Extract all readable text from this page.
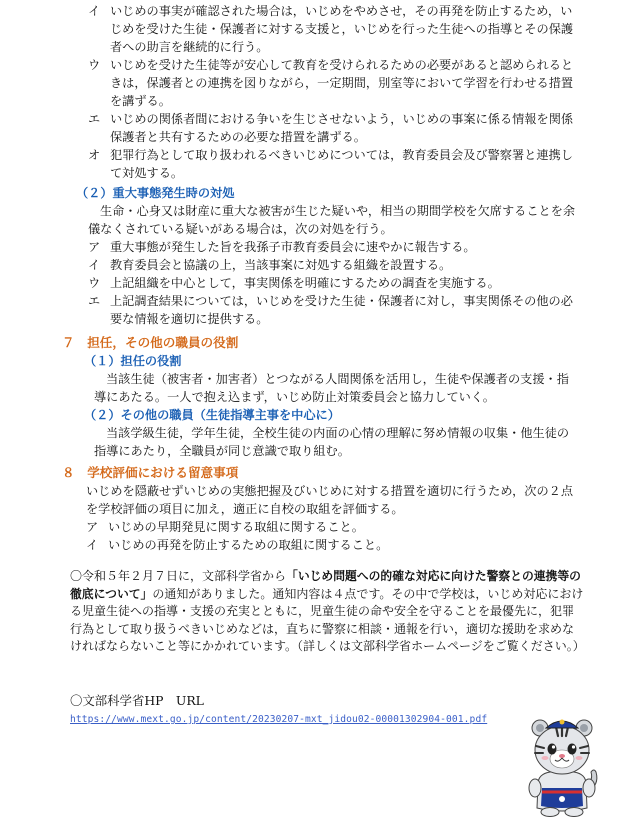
イ いじめの事実が確認された場合は，いじめをやめさせ，その再発を防止するため，いじめを受けた生徒・保護者に対する支援と，いじめを行った生徒への指導とその保護者への助言を継続的に行う。
ウ いじめを受けた生徒等が安心して教育を受けられるための必要があると認められるときは，保護者との連携を図りながら，一定期間，別室等において学習を行わせる措置を講ずる。
エ いじめの関係者間における争いを生じさせないよう，いじめの事案に係る情報を関係保護者と共有するための必要な措置を講ずる。
オ 犯罪行為として取り扱われるべきいじめについては，教育委員会及び警察署と連携して対処する。
（２）重大事態発生時の対処
生命・心身又は財産に重大な被害が生じた疑いや，相当の期間学校を欠席することを余儀なくされている疑いがある場合は，次の対処を行う。
ア 重大事態が発生した旨を我孫子市教育委員会に速やかに報告する。
イ 教育委員会と協議の上，当該事案に対処する組織を設置する。
ウ 上記組織を中心として，事実関係を明確にするための調査を実施する。
エ 上記調査結果については，いじめを受けた生徒・保護者に対し，事実関係その他の必要な情報を適切に提供する。
７　担任，その他の職員の役割
（１）担任の役割
当該生徒（被害者・加害者）とつながる人間関係を活用し，生徒や保護者の支援・指導にあたる。一人で抱え込まず，いじめ防止対策委員会と協力していく。
（２）その他の職員（生徒指導主事を中心に）
当該学級生徒，学年生徒，全校生徒の内面の心情の理解に努め情報の収集・他生徒の指導にあたり，全職員が同じ意識で取り組む。
８　学校評価における留意事項
いじめを隠蔽せずいじめの実態把握及びいじめに対する措置を適切に行うため，次の２点を学校評価の項目に加え，適正に自校の取組を評価する。
ア いじめの早期発見に関する取組に関すること。
イ いじめの再発を防止するための取組に関すること。
〇令和５年２月７日に，文部科学省から「いじめ問題への的確な対応に向けた警察との連携等の徹底について」の通知がありました。通知内容は４点です。その中で学校は，いじめ対応における児童生徒への指導・支援の充実とともに，児童生徒の命や安全を守ることを最優先に，犯罪行為として取り扱うべきいじめなどは，直ちに警察に相談・通報を行い，適切な援助を求めなければならないこと等にかかれています。（詳しくは文部科学省ホームページをご覧ください。）
〇文部科学省HP　URL
https://www.mext.go.jp/content/20230207-mxt_jidou02-00001302904-001.pdf
